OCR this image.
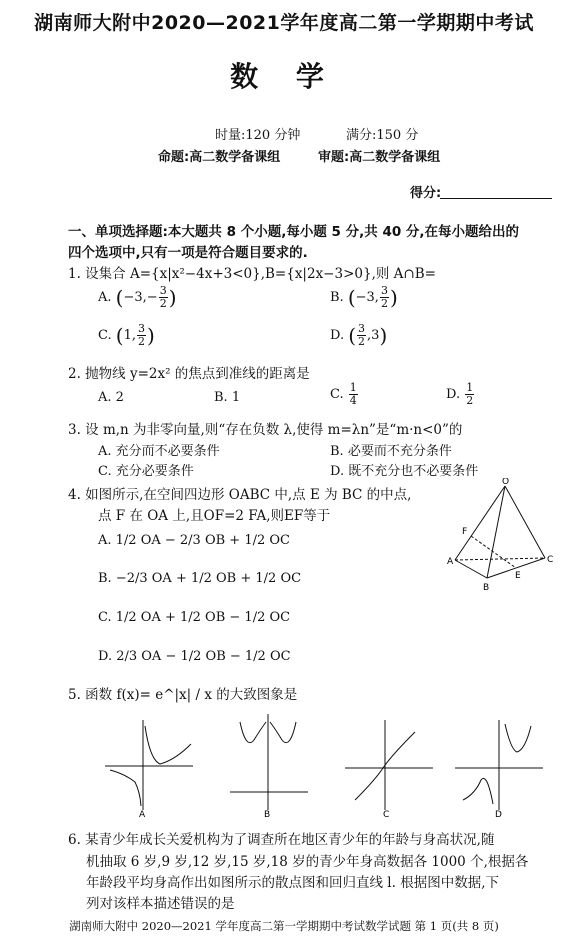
湖南师大附中2020—2021学年度高二第一学期期中考试
数 学
时量:120 分钟	满分:150 分
命题:高二数学备课组	审题:高二数学备课组
得分:
一、单项选择题:本大题共 8 个小题,每小题 5 分,共 40 分,在每小题给出的
四个选项中,只有一项是符合题目要求的.
1. 设集合 A={x|x²−4x+3<0},B={x|2x−3>0},则 A∩B=
A. ($-3,- \frac{3}{2}$ )	B. (−3, $\frac{3}{2}$ )
C. (1, $\frac{3}{2}$ )	D. ( $\frac{3}{2} ,3$)
2. 抛物线 y=2x² 的焦点到准线的距离是
A. 2	B. 1	C. $\frac{1}{4}$	D. $\frac{1}{2}$
3. 设 m,n 为非零向量,则“存在负数 λ,使得 m=λn”是“m·n<0”的
A. 充分而不必要条件	B. 必要而不充分条件
C. 充分必要条件	D. 既不充分也不必要条件
4. 如图所示,在空间四边形 OABC 中,点 E 为 BC 的中点,
点 F 在 OA 上,且OF=2 FA,则EF等于
A. 1/2 OA − 2/3 OB + 1/2 OC
B. −2/3 OA + 1/2 OB + 1/2 OC
C. 1/2 OA + 1/2 OB − 1/2 OC
D. 2/3 OA − 1/2 OB − 1/2 OC
O
A
B
C
E
F
5. 函数 f(x)= e^|x| / x 的大致图象是
A	B	C	D
6. 某青少年成长关爱机构为了调查所在地区青少年的年龄与身高状况,随
机抽取 6 岁,9 岁,12 岁,15 岁,18 岁的青少年身高数据各 1000 个,根据各
年龄段平均身高作出如图所示的散点图和回归直线 l. 根据图中数据,下
列对该样本描述错误的是
湖南师大附中 2020—2021 学年度高二第一学期期中考试数学试题 第 1 页(共 8 页)
